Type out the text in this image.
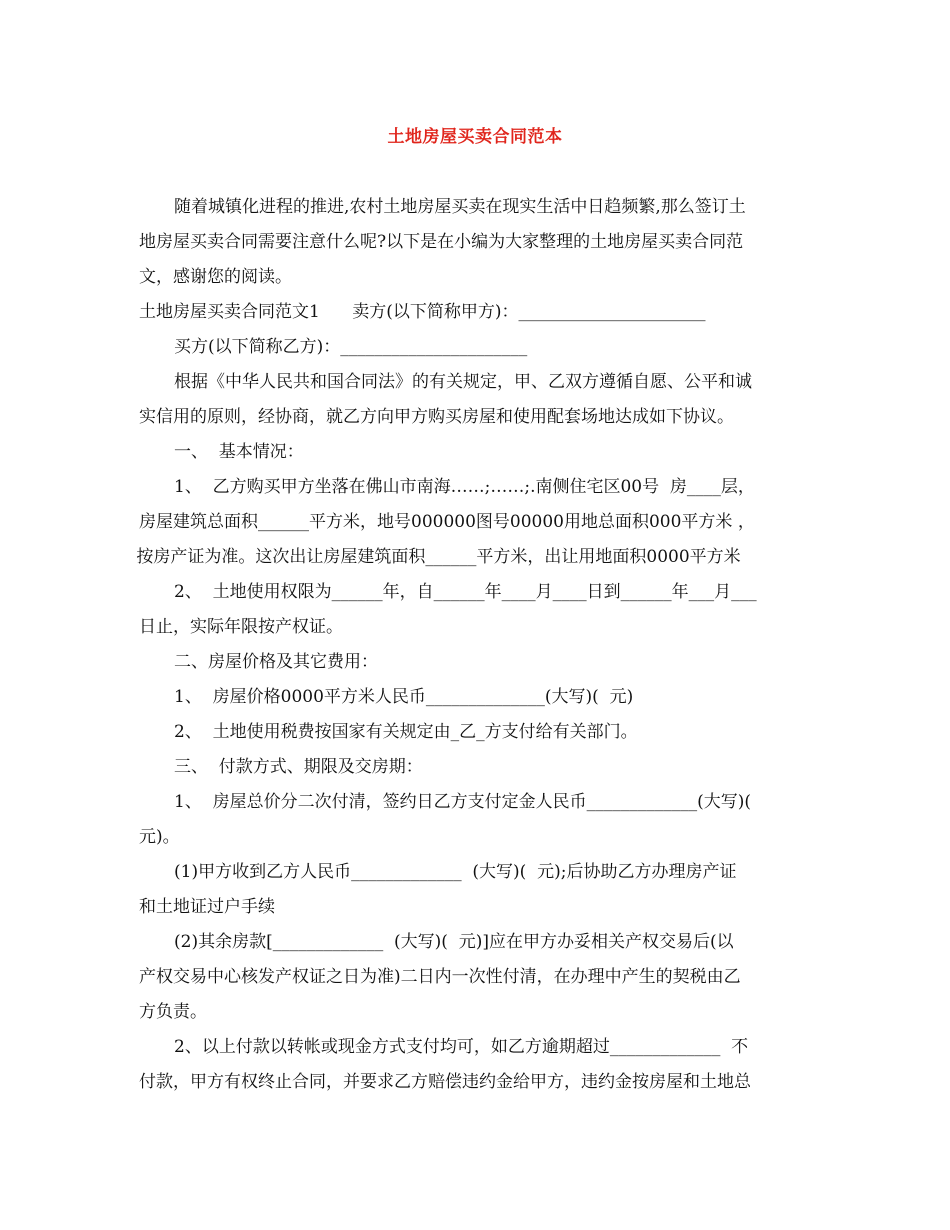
土地房屋买卖合同范本
随着城镇化进程的推进,农村土地房屋买卖在现实生活中日趋频繁,那么签订土
地房屋买卖合同需要注意什么呢?以下是在小编为大家整理的土地房屋买卖合同范
文，感谢您的阅读。
土地房屋买卖合同范文1      卖方(以下简称甲方)：______________________
买方(以下简称乙方)：______________________
根据《中华人民共和国合同法》的有关规定，甲、乙双方遵循自愿、公平和诚
实信用的原则，经协商，就乙方向甲方购买房屋和使用配套场地达成如下协议。
一、  基本情况：
1、  乙方购买甲方坐落在佛山市南海……;……;.南侧住宅区00号  房____层，
房屋建筑总面积______平方米，地号000000图号00000用地总面积000平方米 ，
按房产证为准。这次出让房屋建筑面积______平方米，出让用地面积0000平方米
2、  土地使用权限为______年，自______年____月____日到______年___月___
日止，实际年限按产权证。
二、房屋价格及其它费用：
1、  房屋价格0000平方米人民币______________(大写)(  元)
2、  土地使用税费按国家有关规定由_乙_方支付给有关部门。
三、  付款方式、期限及交房期：
1、  房屋总价分二次付清，签约日乙方支付定金人民币_____________(大写)(
元)。
(1)甲方收到乙方人民币_____________  (大写)(  元);后协助乙方办理房产证
和土地证过户手续
(2)其余房款[_____________  (大写)(  元)]应在甲方办妥相关产权交易后(以
产权交易中心核发产权证之日为准)二日内一次性付清，在办理中产生的契税由乙
方负责。
2、以上付款以转帐或现金方式支付均可，如乙方逾期超过_____________  不
付款，甲方有权终止合同，并要求乙方赔偿违约金给甲方，违约金按房屋和土地总
